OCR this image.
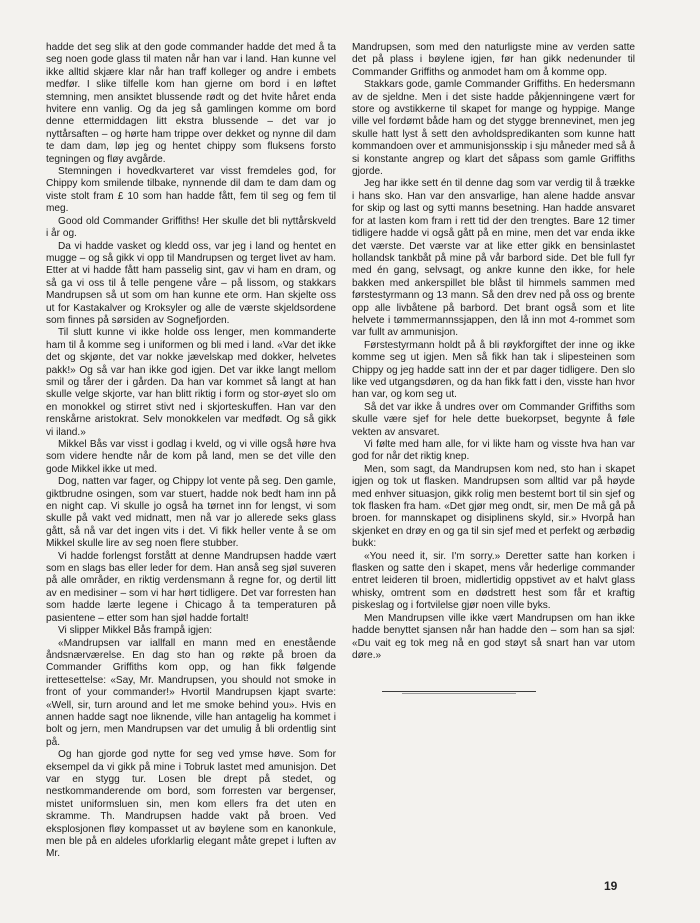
hadde det seg slik at den gode commander hadde det med å ta seg noen gode glass til maten når han var i land. Han kunne vel ikke alltid skjære klar når han traff kolleger og andre i embets medfør. I slike tilfelle kom han gjerne om bord i en løftet stemning, men ansiktet blussende rødt og det hvite håret enda hvitere enn vanlig. Og da jeg så gamlingen komme om bord denne ettermiddagen litt ekstra blussende – det var jo nyttårsaften – og hørte ham trippe over dekket og nynne dil dam te dam dam, løp jeg og hentet chippy som fluksens forsto tegningen og fløy avgårde.

Stemningen i hovedkvarteret var visst fremdeles god, for Chippy kom smilende tilbake, nynnende dil dam te dam dam og viste stolt fram £ 10 som han hadde fått, fem til seg og fem til meg.

Good old Commander Griffiths! Her skulle det bli nyttårskveld i år og.

Da vi hadde vasket og kledd oss, var jeg i land og hentet en mugge – og så gikk vi opp til Mandrupsen og terget livet av ham. Etter at vi hadde fått ham passelig sint, gav vi ham en dram, og så ga vi oss til å telle pengene våre – på lissom, og stakkars Mandrupsen så ut som om han kunne ete orm. Han skjelte oss ut for Kastakalver og Kroksyler og alle de værste skjeldsordene som finnes på sørsiden av Sognefjorden.

Til slutt kunne vi ikke holde oss lenger, men kommanderte ham til å komme seg i uniformen og bli med i land. «Var det ikke det og skjønte, det var nokke jævelskap med dokker, helvetes pakk!» Og så var han ikke god igjen. Det var ikke langt mellom smil og tårer der i gården. Da han var kommet så langt at han skulle velge skjorte, var han blitt riktig i form og stor-øyet slo om en monokkel og stirret stivt ned i skjorteskuffen. Han var den renskårne aristokrat. Selv monokkelen var medfødt. Og så gikk vi iland.»

Mikkel Bås var visst i godlag i kveld, og vi ville også høre hva som videre hendte når de kom på land, men se det ville den gode Mikkel ikke ut med.

Dog, natten var fager, og Chippy lot vente på seg. Den gamle, giktbrudne osingen, som var stuert, hadde nok bedt ham inn på en night cap. Vi skulle jo også ha tørnet inn for lengst, vi som skulle på vakt ved midnatt, men nå var jo allerede seks glass gått, så nå var det ingen vits i det. Vi fikk heller vente å se om Mikkel skulle lire av seg noen flere stubber.

Vi hadde forlengst forstått at denne Mandrupsen hadde vært som en slags bas eller leder for dem. Han anså seg sjøl suveren på alle områder, en riktig verdensmann å regne for, og dertil litt av en medisiner – som vi har hørt tidligere. Det var forresten han som hadde lærte legene i Chicago å ta temperaturen på pasientene – etter som han sjøl hadde fortalt!

Vi slipper Mikkel Bås frampå igjen:

«Mandrupsen var iallfall en mann med en enestående åndsnærværelse. En dag sto han og røkte på broen da Commander Griffiths kom opp, og han fikk følgende irettesettelse: «Say, Mr. Mandrupsen, you should not smoke in front of your commander!» Hvortil Mandrupsen kjapt svarte: «Well, sir, turn around and let me smoke behind you». Hvis en annen hadde sagt noe liknende, ville han antagelig ha kommet i bolt og jern, men Mandrupsen var det umulig å bli ordentlig sint på.

Og han gjorde god nytte for seg ved ymse høve. Som for eksempel da vi gikk på mine i Tobruk lastet med amunisjon. Det var en stygg tur. Losen ble drept på stedet, og nestkommanderende om bord, som forresten var bergenser, mistet uniformsluen sin, men kom ellers fra det uten en skramme. Th. Mandrupsen hadde vakt på broen. Ved eksplosjonen fløy kompasset ut av bøylene som en kanonkule, men ble på en aldeles uforklarlig elegant måte grepet i luften av Mr.

Mandrupsen, som med den naturligste mine av verden satte det på plass i bøylene igjen, før han gikk nedenunder til Commander Griffiths og anmodet ham om å komme opp.

Stakkars gode, gamle Commander Griffiths. En hedersmann av de sjeldne. Men i det siste hadde påkjenningene vært for store og avstikkerne til skapet for mange og hyppige. Mange ville vel fordømt både ham og det stygge brennevinet, men jeg skulle hatt lyst å sett den avholdspredikanten som kunne hatt kommandoen over et ammunisjonsskip i sju måneder med så å si konstante angrep og klart det såpass som gamle Griffiths gjorde.

Jeg har ikke sett én til denne dag som var verdig til å trække i hans sko. Han var den ansvarlige, han alene hadde ansvar for skip og last og sytti manns besetning. Han hadde ansvaret for at lasten kom fram i rett tid der den trengtes. Bare 12 timer tidligere hadde vi også gått på en mine, men det var enda ikke det værste. Det værste var at like etter gikk en bensinlastet hollandsk tankbåt på mine på vår barbord side. Det ble full fyr med én gang, selvsagt, og ankre kunne den ikke, for hele bakken med ankerspillet ble blåst til himmels sammen med førstestyrmann og 13 mann. Så den drev ned på oss og brente opp alle livbåtene på barbord. Det brant også som et lite helvete i tømmermannssjappen, den lå inn mot 4-rommet som var fullt av ammunisjon.

Førstestyrmann holdt på å bli røykforgiftet der inne og ikke komme seg ut igjen. Men så fikk han tak i slipesteinen som Chippy og jeg hadde satt inn der et par dager tidligere. Den slo like ved utgangsdøren, og da han fikk fatt i den, visste han hvor han var, og kom seg ut.

Så det var ikke å undres over om Commander Griffiths som skulle være sjef for hele dette buekorpset, begynte å føle vekten av ansvaret.

Vi følte med ham alle, for vi likte ham og visste hva han var god for når det riktig knep.

Men, som sagt, da Mandrupsen kom ned, sto han i skapet igjen og tok ut flasken. Mandrupsen som alltid var på høyde med enhver situasjon, gikk rolig men bestemt bort til sin sjef og tok flasken fra ham. «Det gjør meg ondt, sir, men De må gå på broen. for mannskapet og disiplinens skyld, sir.» Hvorpå han skjenket en drøy en og ga til sin sjef med et perfekt og ærbødig bukk:

«You need it, sir. I'm sorry.» Deretter satte han korken i flasken og satte den i skapet, mens vår hederlige commander entret leideren til broen, midlertidig oppstivet av et halvt glass whisky, omtrent som en dødstrett hest som får et kraftig piskeslag og i fortvilelse gjør noen ville byks.

Men Mandrupsen ville ikke vært Mandrupsen om han ikke hadde benyttet sjansen når han hadde den – som han sa sjøl: «Du vait eg tok meg nå en god støyt så snart han var utom døre.»

19
